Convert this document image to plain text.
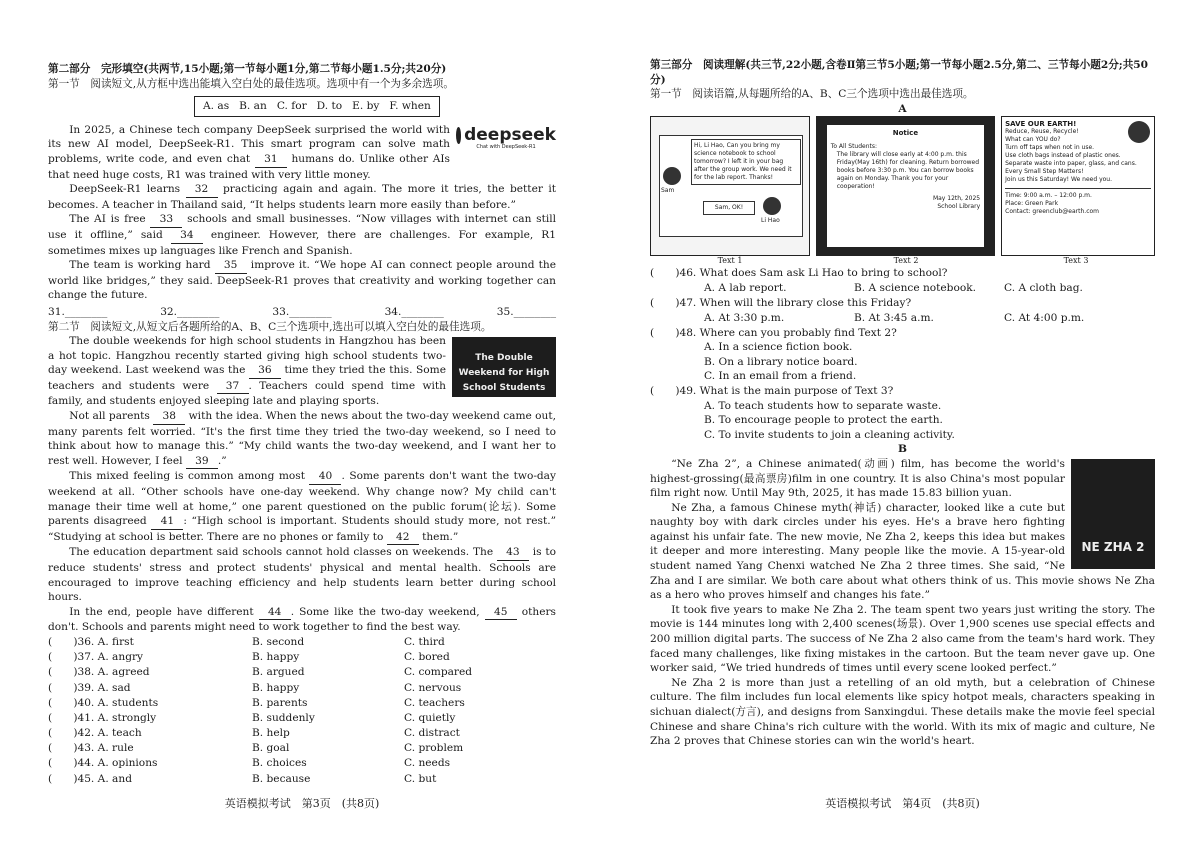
第二部分　完形填空(共两节,15小题;第一节每小题1分,第二节每小题1.5分;共20分)
第一节　阅读短文,从方框中选出能填入空白处的最佳选项。选项中有一个为多余选项。
A. as B. an C. for D. to E. by F. when
deepseek
Chat with DeepSeek-R1

In 2025, a Chinese tech company DeepSeek surprised the world with its new AI model, DeepSeek-R1. This smart program can solve math problems, write code, and even chat 31 humans do. Unlike other AIs that need huge costs, R1 was trained with very little money.

DeepSeek-R1 learns 32 practicing again and again. The more it tries, the better it becomes. A teacher in Thailand said, “It helps students learn more easily than before.”

The AI is free 33 schools and small businesses. “Now villages with internet can still use it offline,” said 34 engineer. However, there are challenges. For example, R1 sometimes mixes up languages like French and Spanish.

The team is working hard 35 improve it. “We hope AI can connect people around the world like bridges,” they said. DeepSeek-R1 proves that creativity and working together can change the future.

31.________	32.________	33.________	34.________	35.________
第二节　阅读短文,从短文后各题所给的A、B、C三个选项中,选出可以填入空白处的最佳选项。
The Double Weekend for High School Students

The double weekends for high school students in Hangzhou has been a hot topic. Hangzhou recently started giving high school students two-day weekend. Last weekend was the 36 time they tried the this. Some teachers and students were 37 . Teachers could spend time with family, and students enjoyed sleeping late and playing sports.

Not all parents 38 with the idea. When the news about the two-day weekend came out, many parents felt worried. “It's the first time they tried the two-day weekend, so I need to think about how to manage this.” “My child wants the two-day weekend, and I want her to rest well. However, I feel 39 .”

This mixed feeling is common among most 40 . Some parents don't want the two-day weekend at all. “Other schools have one-day weekend. Why change now? My child can't manage their time well at home,” one parent questioned on the public forum(论坛). Some parents disagreed 41 : “High school is important. Students should study more, not rest.” “Studying at school is better. There are no phones or family to 42 them.”

The education department said schools cannot hold classes on weekends. The 43 is to reduce students' stress and protect students' physical and mental health. Schools are encouraged to improve teaching efficiency and help students learn better during school hours.

In the end, people have different 44 . Some like the two-day weekend, 45 others don't. Schools and parents might need to work together to find the best way.

(　　)36. A. first	B. second	C. third
(　　)37. A. angry	B. happy	C. bored
(　　)38. A. agreed	B. argued	C. compared
(　　)39. A. sad	B. happy	C. nervous
(　　)40. A. students	B. parents	C. teachers
(　　)41. A. strongly	B. suddenly	C. quietly
(　　)42. A. teach	B. help	C. distract
(　　)43. A. rule	B. goal	C. problem
(　　)44. A. opinions	B. choices	C. needs
(　　)45. A. and	B. because	C. but
英语模拟考试　第3页　(共8页)
第三部分　阅读理解(共三节,22小题,含卷Ⅱ第三节5小题;第一节每小题2.5分,第二、三节每小题2分;共50分)
第一节　阅读语篇,从每题所给的A、B、C三个选项中选出最佳选项。
A
Hi, Li Hao, Can you bring my science notebook to school tomorrow? I left it in your bag after the group work. We need it for the lab report. Thanks!
Sam, OK!
Sam
Li Hao
Notice
To All Students:
The library will close early at 4:00 p.m. this Friday(May 16th) for cleaning. Return borrowed books before 3:30 p.m. You can borrow books again on Monday. Thank you for your cooperation!
May 12th, 2025
School Library
SAVE OUR EARTH!
Reduce, Reuse, Recycle!
What can YOU do?
Turn off taps when not in use.
Use cloth bags instead of plastic ones.
Separate waste into paper, glass, and cans.
Every Small Step Matters!
Join us this Saturday! We need you.
Time: 9:00 a.m. – 12:00 p.m.
Place: Green Park
Contact: greenclub@earth.com
Text 1	Text 2	Text 3
(　　)46. What does Sam ask Li Hao to bring to school?
A. A lab report.	B. A science notebook.	C. A cloth bag.
(　　)47. When will the library close this Friday?
A. At 3:30 p.m.	B. At 3:45 a.m.	C. At 4:00 p.m.
(　　)48. Where can you probably find Text 2?
A. In a science fiction book.
B. On a library notice board.
C. In an email from a friend.
(　　)49. What is the main purpose of Text 3?
A. To teach students how to separate waste.
B. To encourage people to protect the earth.
C. To invite students to join a cleaning activity.
B
NE ZHA 2

“Ne Zha 2”, a Chinese animated(动画) film, has become the world's highest-grossing(最高票房)film in one country. It is also China's most popular film right now. Until May 9th, 2025, it has made 15.83 billion yuan.

Ne Zha, a famous Chinese myth(神话) character, looked like a cute but naughty boy with dark circles under his eyes. He's a brave hero fighting against his unfair fate. The new movie, Ne Zha 2, keeps this idea but makes it deeper and more interesting. Many people like the movie. A 15-year-old student named Yang Chenxi watched Ne Zha 2 three times. She said, “Ne Zha and I are similar. We both care about what others think of us. This movie shows Ne Zha as a hero who proves himself and changes his fate.”

It took five years to make Ne Zha 2. The team spent two years just writing the story. The movie is 144 minutes long with 2,400 scenes(场景). Over 1,900 scenes use special effects and 200 million digital parts. The success of Ne Zha 2 also came from the team's hard work. They faced many challenges, like fixing mistakes in the cartoon. But the team never gave up. One worker said, “We tried hundreds of times until every scene looked perfect.”

Ne Zha 2 is more than just a retelling of an old myth, but a celebration of Chinese culture. The film includes fun local elements like spicy hotpot meals, characters speaking in sichuan dialect(方言), and designs from Sanxingdui. These details make the movie feel special Chinese and share China's rich culture with the world. With its mix of magic and culture, Ne Zha 2 proves that Chinese stories can win the world's heart.

英语模拟考试　第4页　(共8页)
